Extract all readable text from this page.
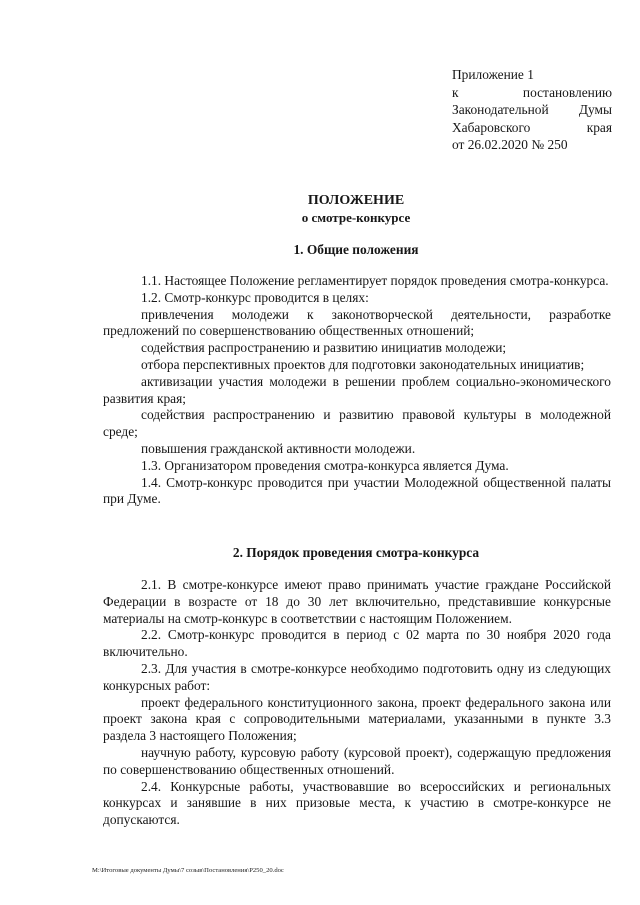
Приложение 1
к	постановлению
Законодательной Думы
Хабаровского	края
от 26.02.2020 № 250
ПОЛОЖЕНИЕ
о смотре-конкурсе
1. Общие положения

1.1. Настоящее Положение регламентирует порядок проведения смотра-конкурса.

1.2. Смотр-конкурс проводится в целях:

привлечения молодежи к законотворческой деятельности, разработке предложений по совершенствованию общественных отношений;

содействия распространению и развитию инициатив молодежи;

отбора перспективных проектов для подготовки законодательных инициатив;

активизации участия молодежи в решении проблем социально-экономического развития края;

содействия распространению и развитию правовой культуры в молодежной среде;

повышения гражданской активности молодежи.

1.3. Организатором проведения смотра-конкурса является Дума.

1.4. Смотр-конкурс проводится при участии Молодежной общественной палаты при Думе.

2. Порядок проведения смотра-конкурса

2.1. В смотре-конкурсе имеют право принимать участие граждане Российской Федерации в возрасте от 18 до 30 лет включительно, представившие конкурсные материалы на смотр-конкурс в соответствии с настоящим Положением.

2.2. Смотр-конкурс проводится в период с 02 марта по 30 ноября 2020 года включительно.

2.3. Для участия в смотре-конкурсе необходимо подготовить одну из следующих конкурсных работ:

проект федерального конституционного закона, проект федерального закона или проект закона края с сопроводительными материалами, указанными в пункте 3.3 раздела 3 настоящего Положения;

научную работу, курсовую работу (курсовой проект), содержащую предложения по совершенствованию общественных отношений.

2.4. Конкурсные работы, участвовавшие во всероссийских и региональных конкурсах и занявшие в них призовые места, к участию в смотре-конкурсе не допускаются.

М:\Итоговые документы Думы\7 созыв\Постановления\Р250_20.doc
